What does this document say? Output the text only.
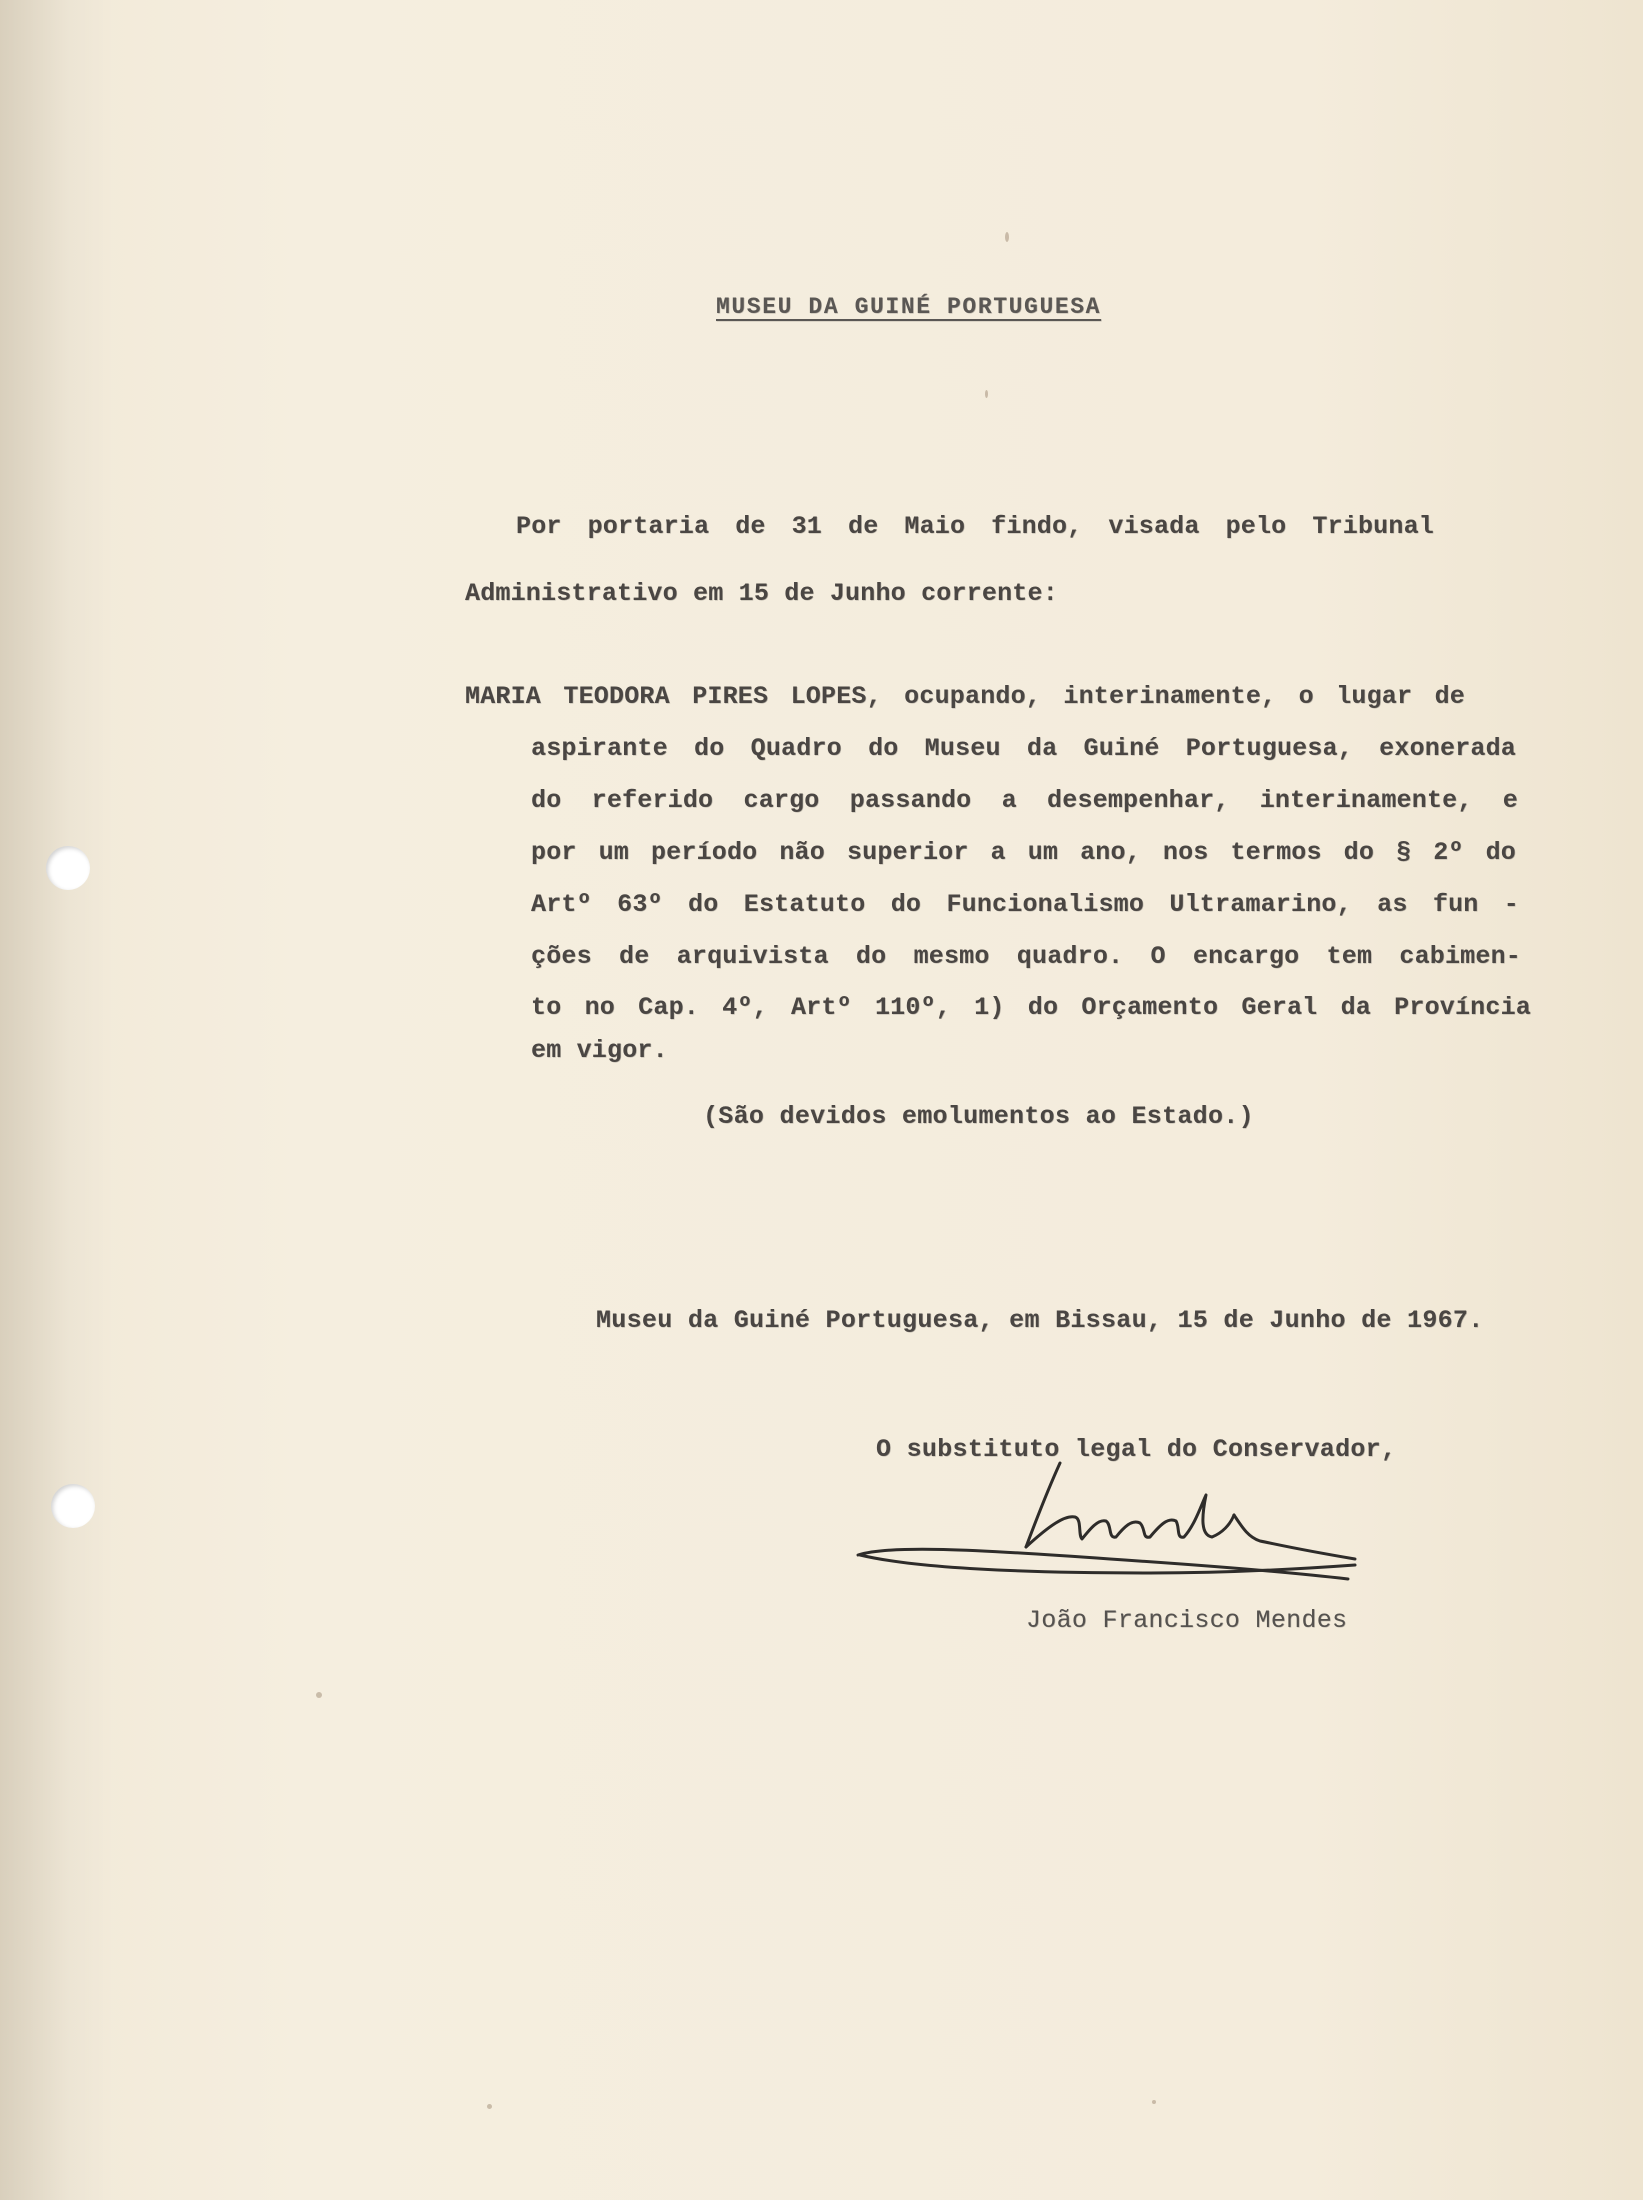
MUSEU DA GUINÉ PORTUGUESA
Por portaria de 31 de Maio findo, visada pelo Tribunal
Administrativo em 15 de Junho corrente:
MARIA TEODORA PIRES LOPES, ocupando, interinamente, o lugar de
aspirante do Quadro do Museu da Guiné Portuguesa, exonerada
do referido cargo passando a desempenhar, interinamente, e
por um período não superior a um ano, nos termos do § 2º do
Artº 63º do Estatuto do Funcionalismo Ultramarino, as fun -
ções de arquivista do mesmo quadro. O encargo tem cabimen-
to no Cap. 4º, Artº 110º, 1) do Orçamento Geral da Província
em vigor.
(São devidos emolumentos ao Estado.)
Museu da Guiné Portuguesa, em Bissau, 15 de Junho de 1967.
O substituto legal do Conservador,
JMendes
João Francisco Mendes
